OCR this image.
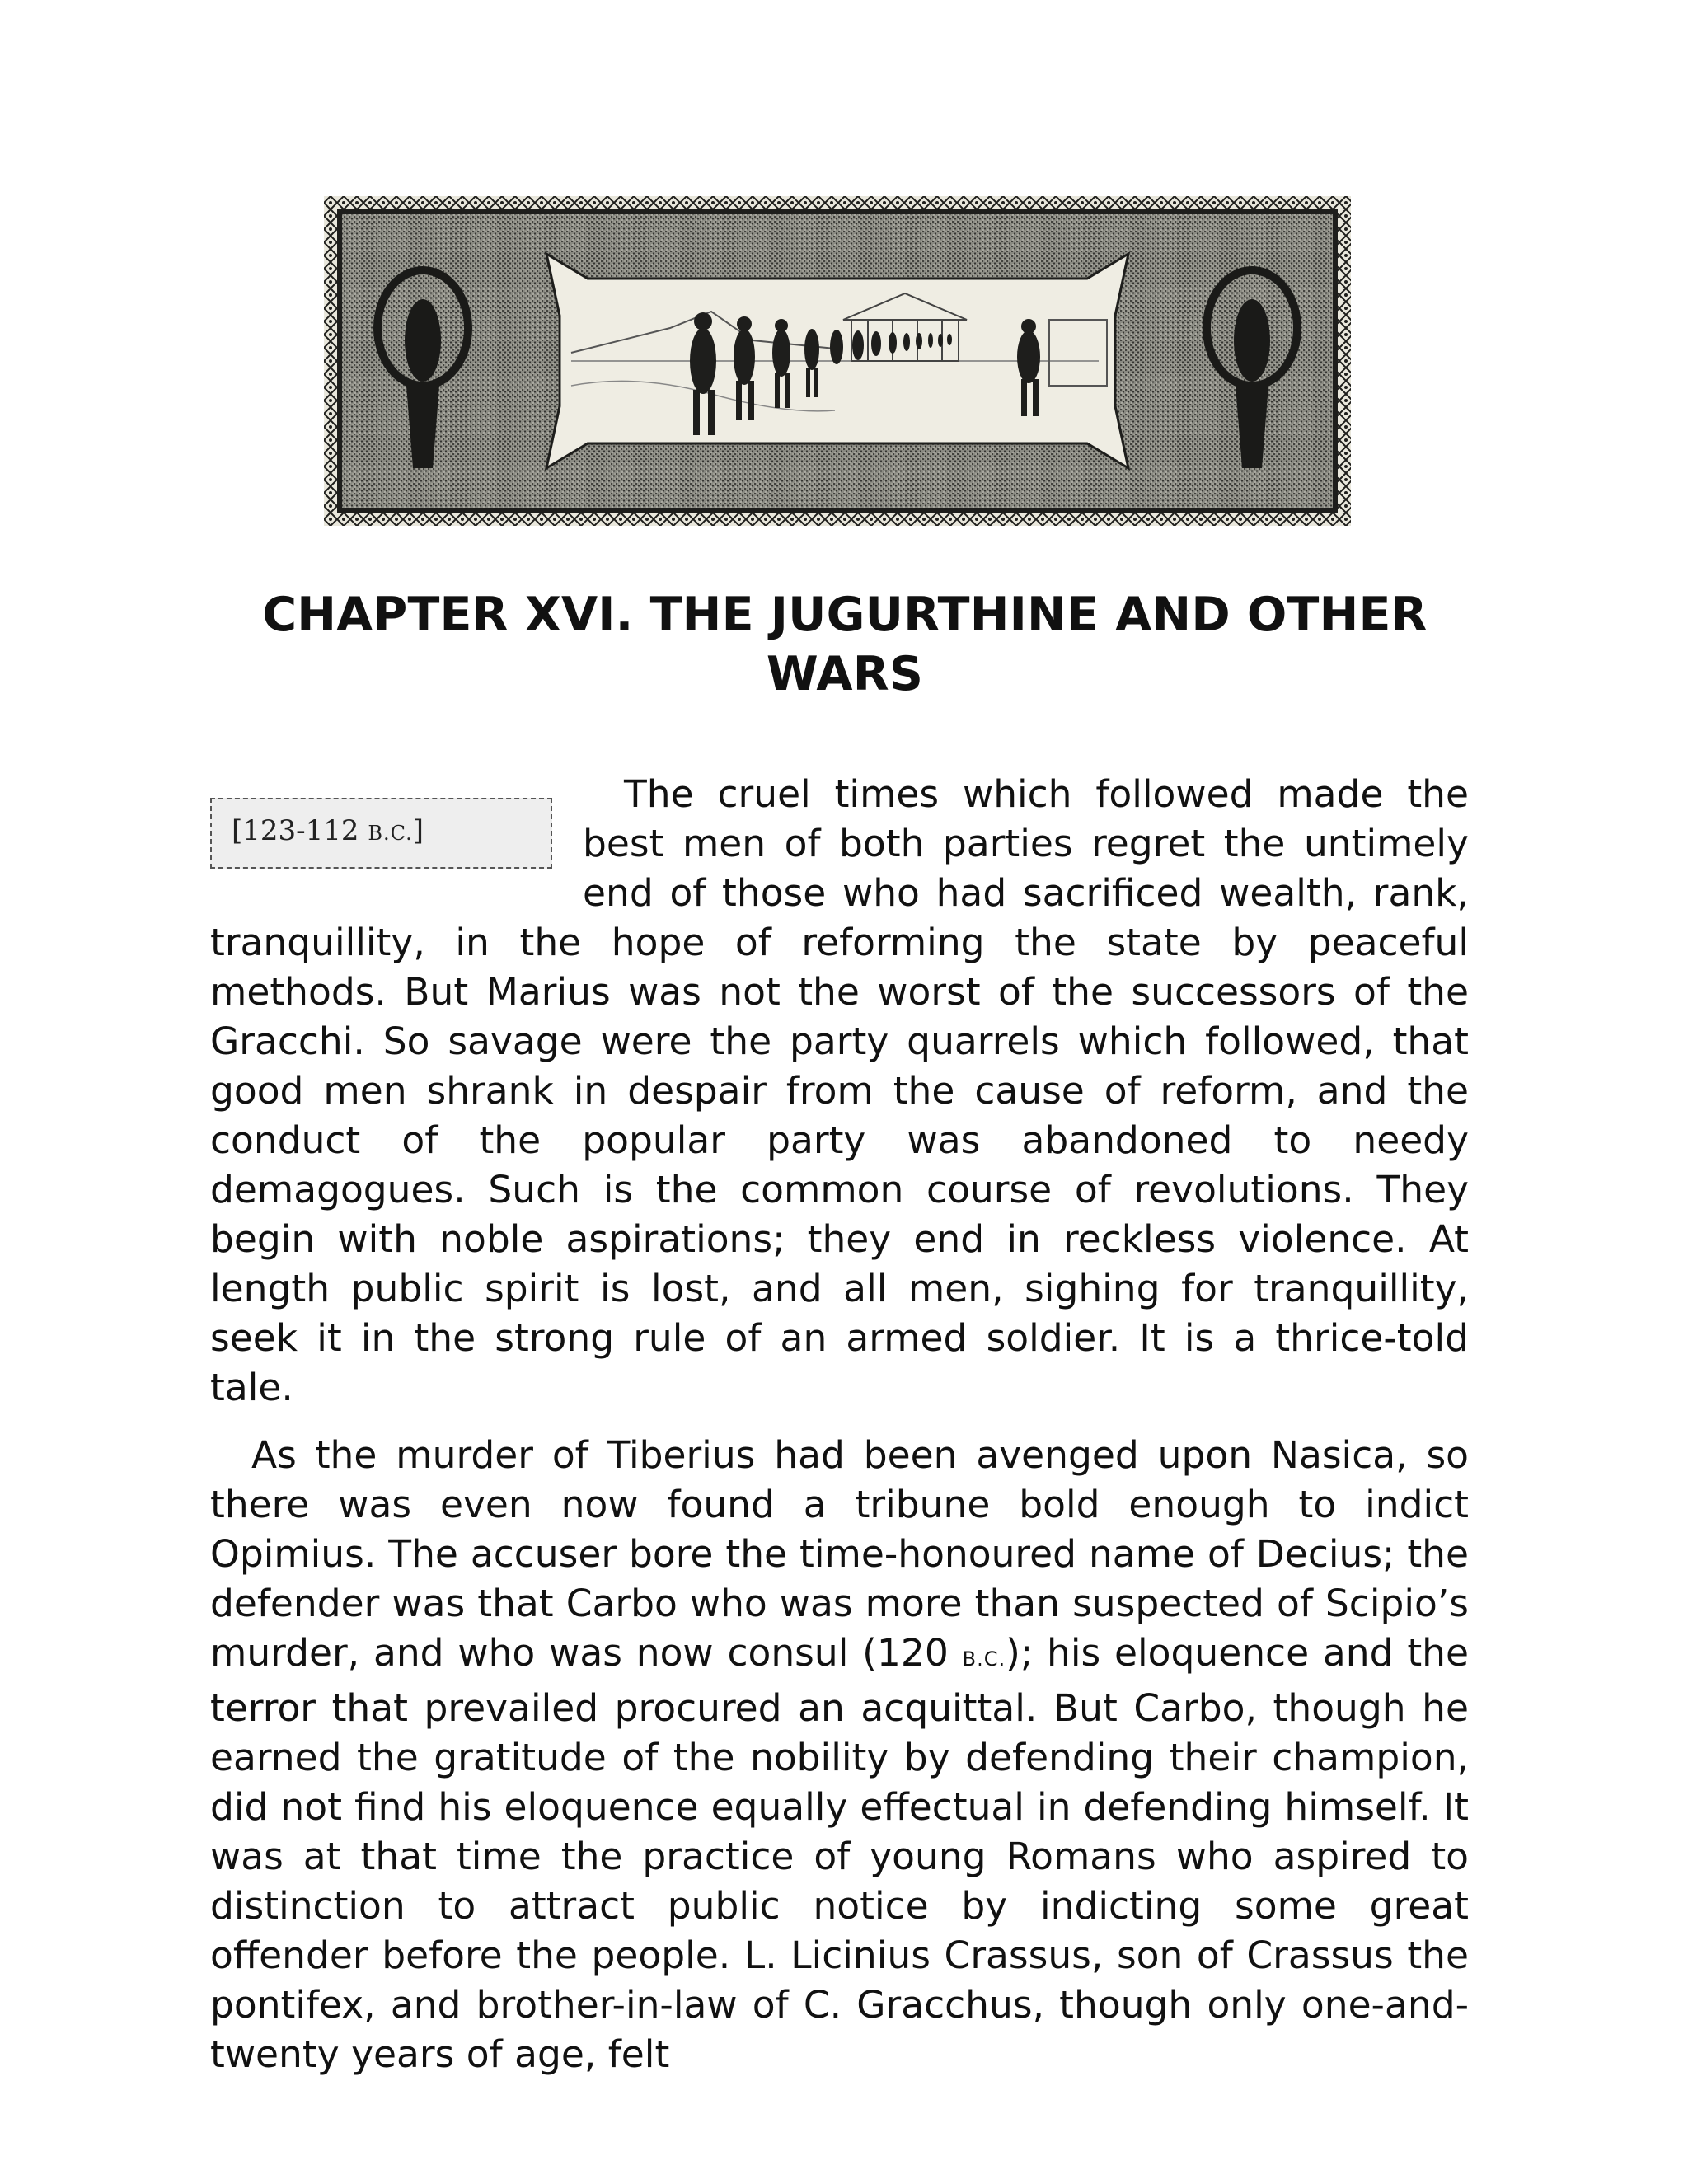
CHAPTER XVI. THE JUGURTHINE AND OTHER WARS
[123-112 B.C.]

The cruel times which followed made the best men of both parties regret the untimely end of those who had sacrificed wealth, rank, tranquillity, in the hope of reforming the state by peaceful methods. But Marius was not the worst of the successors of the Gracchi. So savage were the party quarrels which followed, that good men shrank in despair from the cause of reform, and the conduct of the popular party was abandoned to needy demagogues. Such is the common course of revolutions. They begin with noble aspirations; they end in reckless violence. At length public spirit is lost, and all men, sighing for tranquillity, seek it in the strong rule of an armed soldier. It is a thrice-told tale.

As the murder of Tiberius had been avenged upon Nasica, so there was even now found a tribune bold enough to indict Opimius. The accuser bore the time-honoured name of Decius; the defender was that Carbo who was more than suspected of Scipio’s murder, and who was now consul (120 B.C.); his eloquence and the terror that prevailed procured an acquittal. But Carbo, though he earned the gratitude of the nobility by defending their champion, did not find his eloquence equally effectual in defending himself. It was at that time the practice of young Romans who aspired to distinction to attract public notice by indicting some great offender before the people. L. Licinius Crassus, son of Crassus the pontifex, and brother-in-law of C. Gracchus, though only one-and-twenty years of age, felt
